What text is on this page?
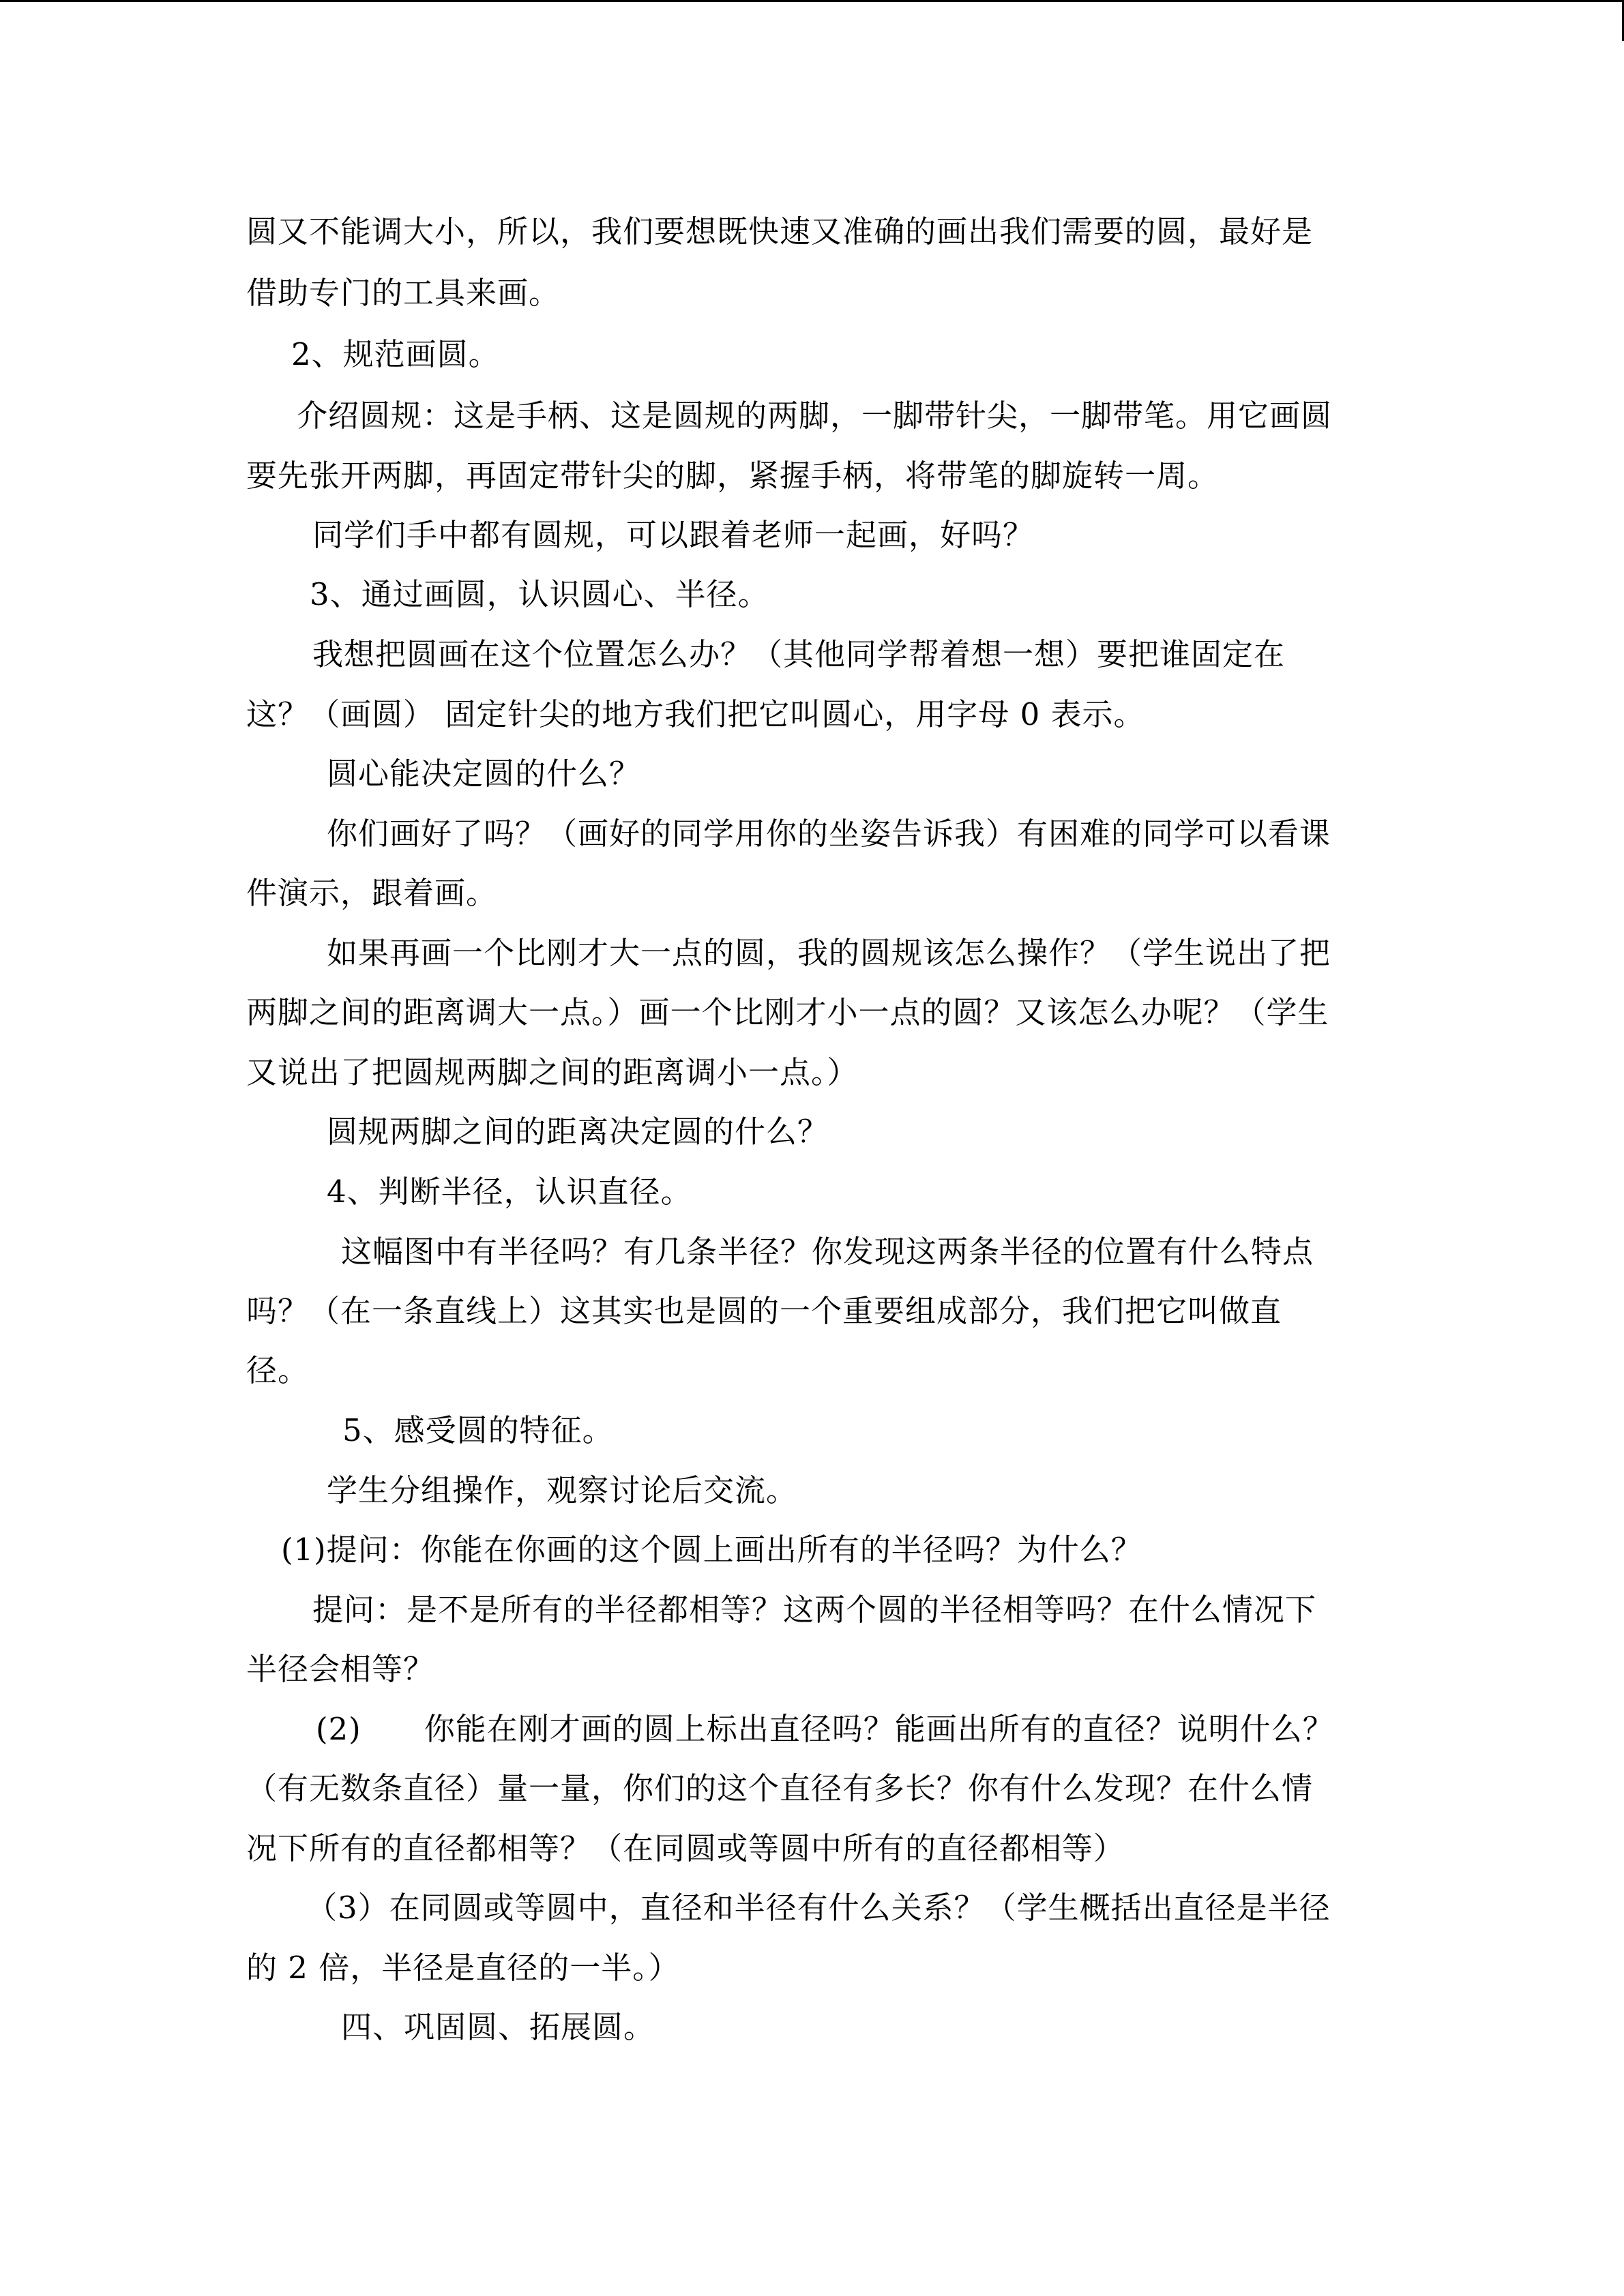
圆又不能调大小，所以，我们要想既快速又准确的画出我们需要的圆，最好是
借助专门的工具来画。
2、规范画圆。
介绍圆规：这是手柄、这是圆规的两脚，一脚带针尖，一脚带笔。用它画圆
要先张开两脚，再固定带针尖的脚，紧握手柄，将带笔的脚旋转一周。
同学们手中都有圆规，可以跟着老师一起画，好吗？
3、通过画圆，认识圆心、半径。
我想把圆画在这个位置怎么办？（其他同学帮着想一想）要把谁固定在
这？（画圆） 固定针尖的地方我们把它叫圆心，用字母 0 表示。
圆心能决定圆的什么？
你们画好了吗？（画好的同学用你的坐姿告诉我）有困难的同学可以看课
件演示，跟着画。
如果再画一个比刚才大一点的圆，我的圆规该怎么操作？（学生说出了把
两脚之间的距离调大一点。）画一个比刚才小一点的圆？又该怎么办呢？（学生
又说出了把圆规两脚之间的距离调小一点。）
圆规两脚之间的距离决定圆的什么？
4、判断半径，认识直径。
这幅图中有半径吗？有几条半径？你发现这两条半径的位置有什么特点
吗？（在一条直线上）这其实也是圆的一个重要组成部分，我们把它叫做直
径。
5、感受圆的特征。
学生分组操作，观察讨论后交流。
(1)提问：你能在你画的这个圆上画出所有的半径吗？为什么？
提问：是不是所有的半径都相等？这两个圆的半径相等吗？在什么情况下
半径会相等？
(2)　　你能在刚才画的圆上标出直径吗？能画出所有的直径？说明什么？
（有无数条直径）量一量，你们的这个直径有多长？你有什么发现？在什么情
况下所有的直径都相等？（在同圆或等圆中所有的直径都相等）
（3）在同圆或等圆中，直径和半径有什么关系？（学生概括出直径是半径
的 2 倍，半径是直径的一半。）
四、巩固圆、拓展圆。
